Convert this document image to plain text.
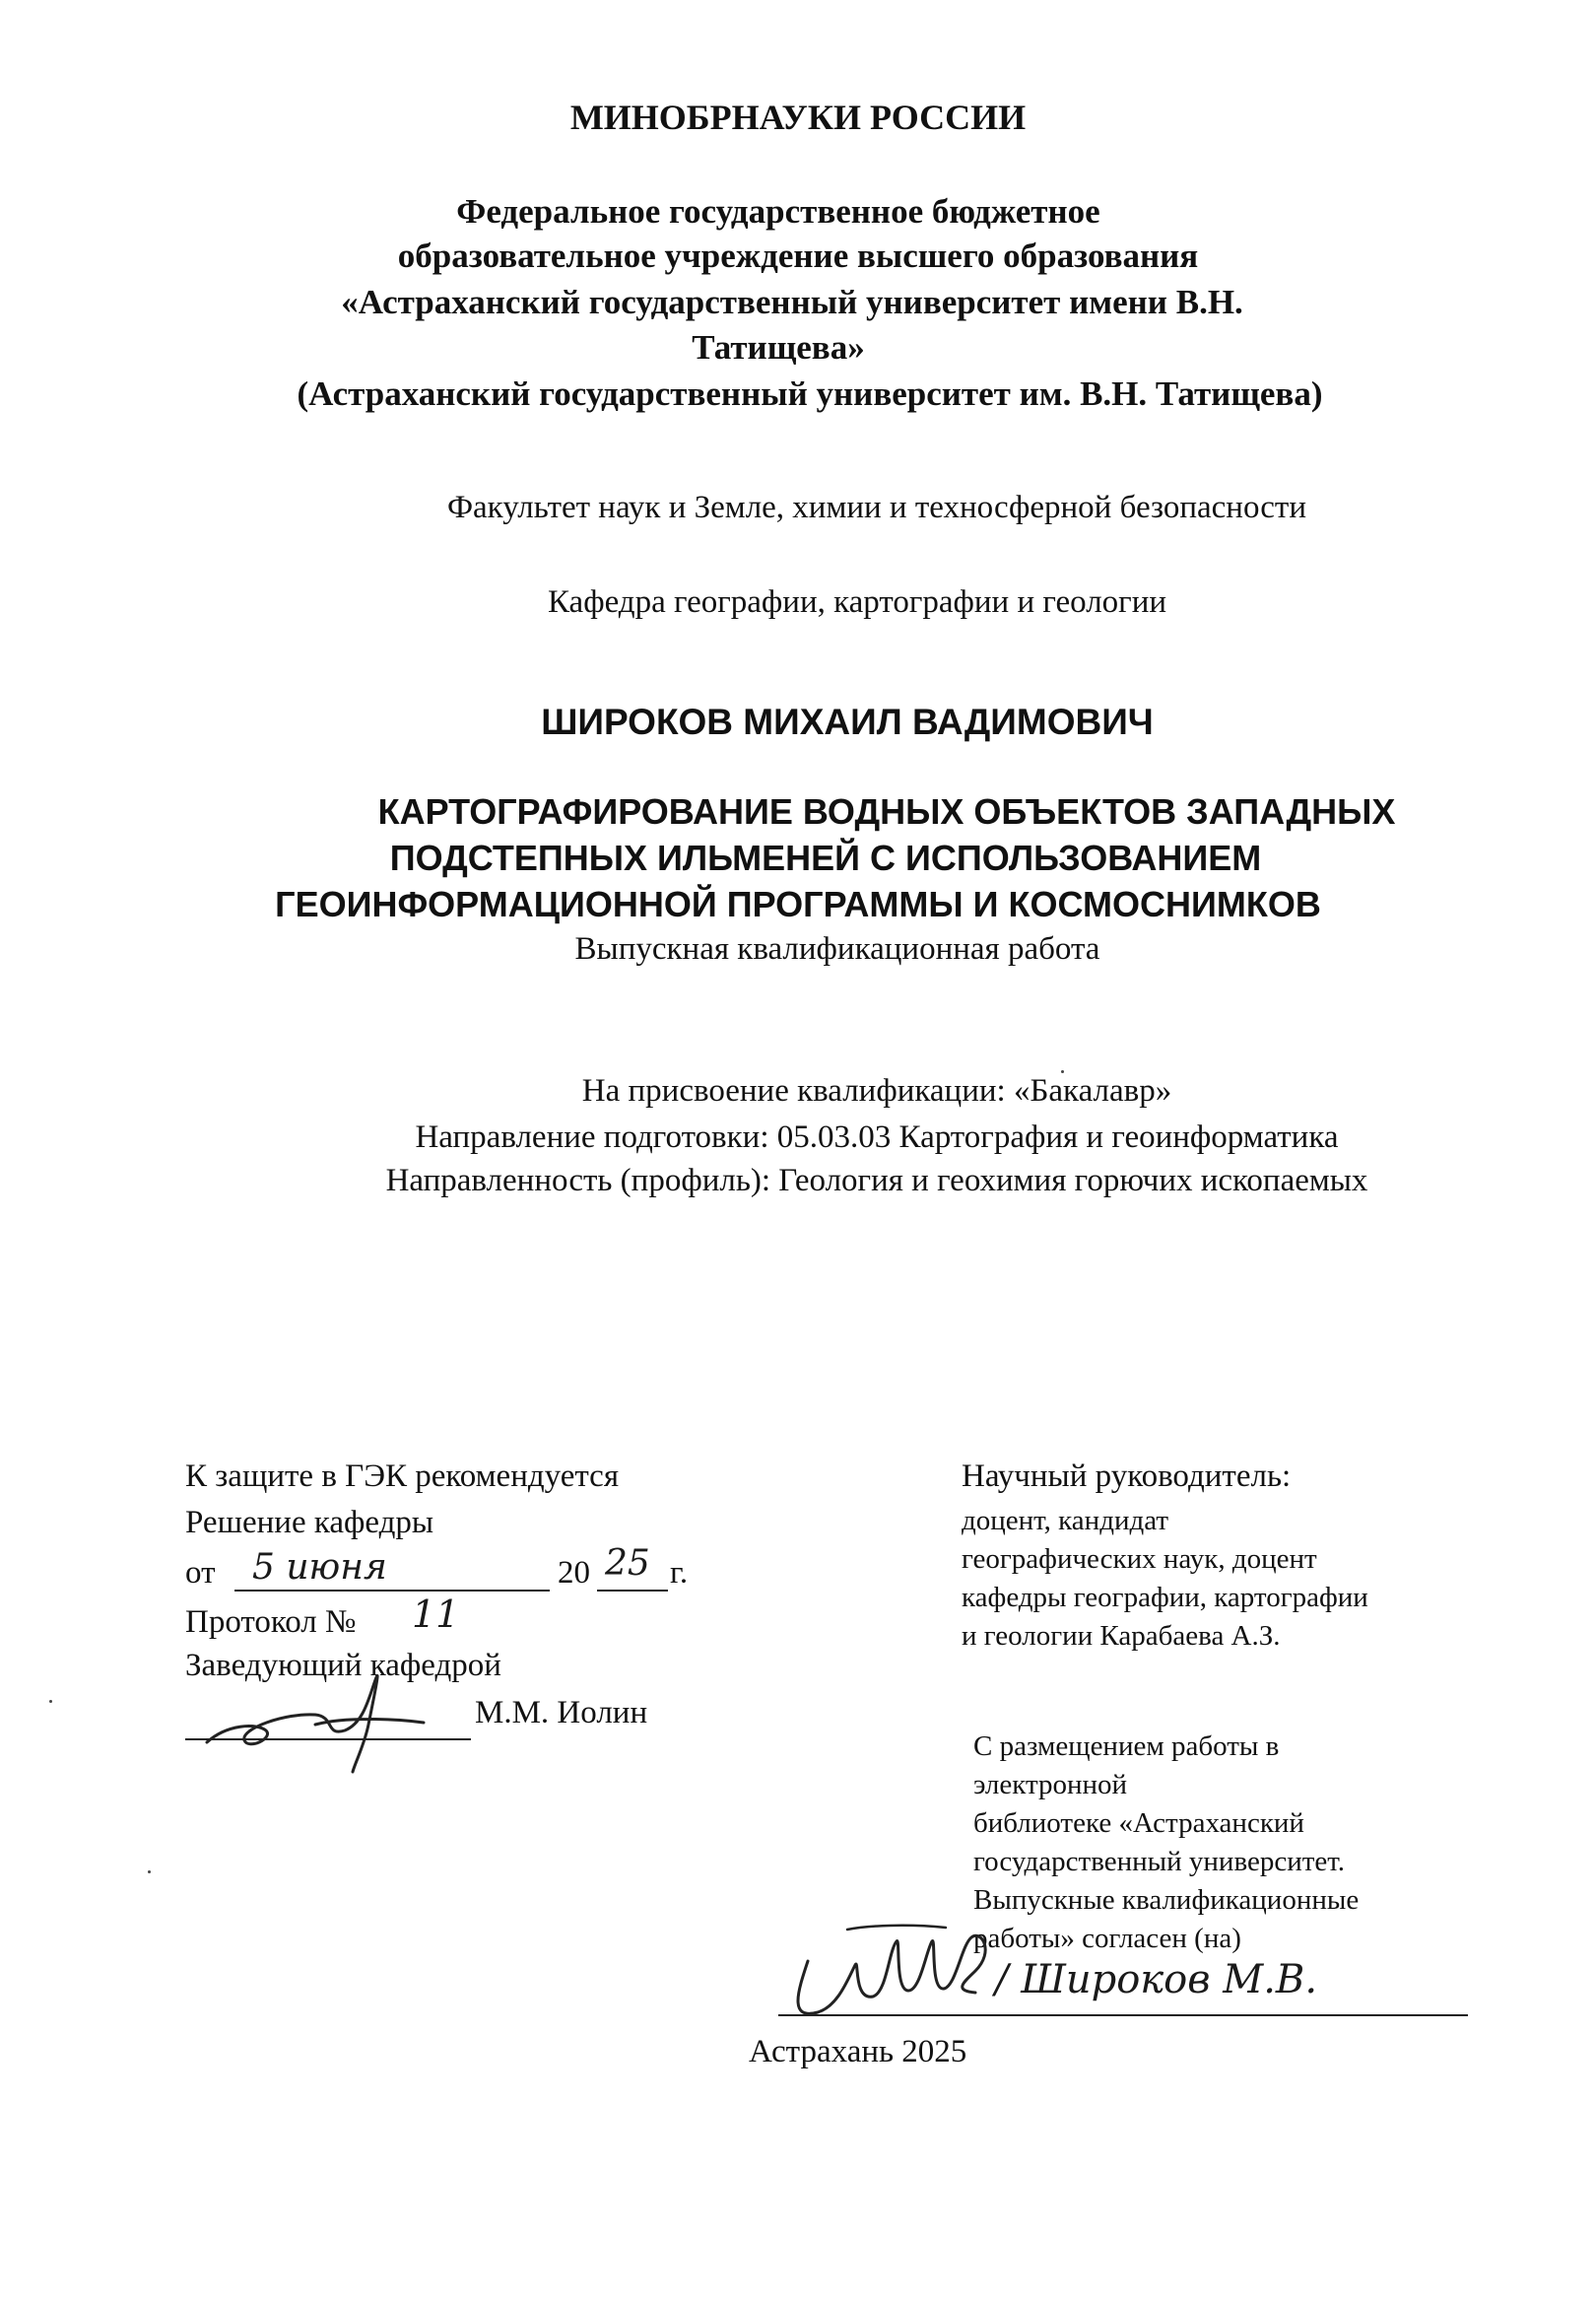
МИНОБРНАУКИ РОССИИ
Федеральное государственное бюджетное
образовательное учреждение высшего образования
«Астраханский государственный университет имени В.Н.
Татищева»
(Астраханский государственный университет им. В.Н. Татищева)
Факультет наук и Земле, химии и техносферной безопасности
Кафедра географии, картографии и геологии
ШИРОКОВ МИХАИЛ ВАДИМОВИЧ
КАРТОГРАФИРОВАНИЕ ВОДНЫХ ОБЪЕКТОВ ЗАПАДНЫХ
ПОДСТЕПНЫХ ИЛЬМЕНЕЙ С ИСПОЛЬЗОВАНИЕМ
ГЕОИНФОРМАЦИОННОЙ ПРОГРАММЫ И КОСМОСНИМКОВ
Выпускная квалификационная работа
На присвоение квалификации: «Бакалавр»
Направление подготовки: 05.03.03 Картография и геоинформатика
Направленность (профиль): Геология и геохимия горючих ископаемых
К защите в ГЭК рекомендуется
Решение кафедры
от 5 июня	20 25 г.
Протокол № 11
Заведующий кафедрой
М.М. Иолин
Научный руководитель:
доцент, кандидат
географических наук, доцент
кафедры географии, картографии
и геологии Карабаева А.З.
С размещением работы в
электронной
библиотеке «Астраханский
государственный университет.
Выпускные квалификационные
работы» согласен (на)
/ Широков М.В.
Астрахань 2025
